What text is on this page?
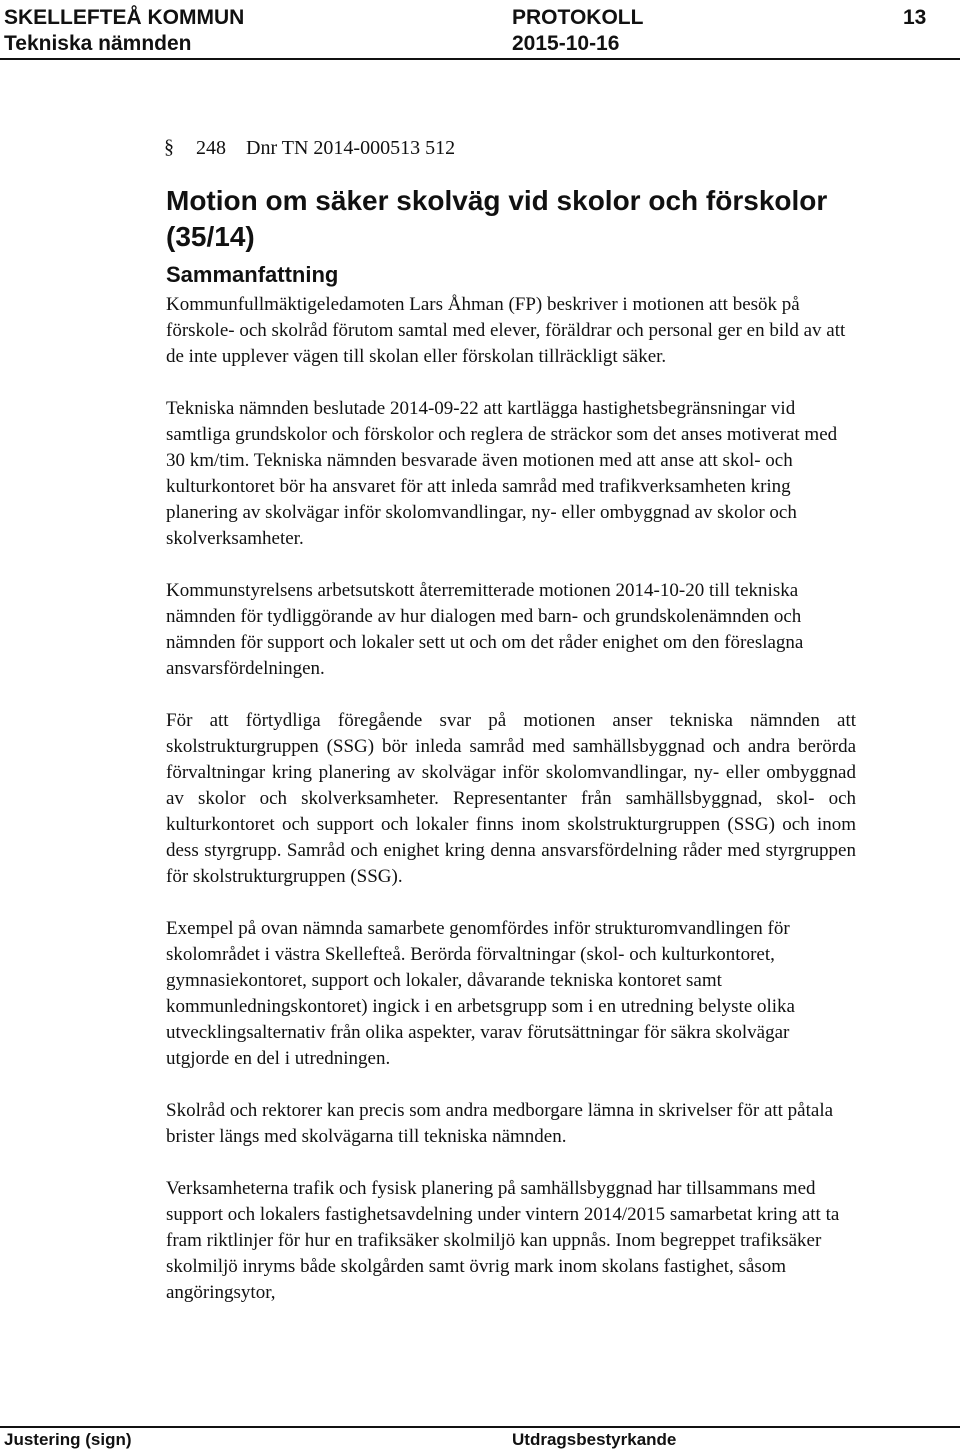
SKELLEFTEÅ KOMMUN	PROTOKOLL	13
Tekniska nämnden	2015-10-16
§ 248 Dnr TN 2014-000513 512
Motion om säker skolväg vid skolor och förskolor (35/14)
Sammanfattning

Kommunfullmäktigeledamoten Lars Åhman (FP) beskriver i motionen att besök på förskole- och skolråd förutom samtal med elever, föräldrar och personal ger en bild av att de inte upplever vägen till skolan eller förskolan tillräckligt säker.

Tekniska nämnden beslutade 2014-09-22 att kartlägga hastighetsbegränsningar vid samtliga grundskolor och förskolor och reglera de sträckor som det anses motiverat med 30 km/tim. Tekniska nämnden besvarade även motionen med att anse att skol- och kulturkontoret bör ha ansvaret för att inleda samråd med trafikverksamheten kring planering av skolvägar inför skolomvandlingar, ny- eller ombyggnad av skolor och skolverksamheter.

Kommunstyrelsens arbetsutskott återremitterade motionen 2014-10-20 till tekniska nämnden för tydliggörande av hur dialogen med barn- och grundskolenämnden och nämnden för support och lokaler sett ut och om det råder enighet om den föreslagna ansvarsfördelningen.

För att förtydliga föregående svar på motionen anser tekniska nämnden att skolstrukturgruppen (SSG) bör inleda samråd med samhällsbyggnad och andra berörda förvaltningar kring planering av skolvägar inför skolomvandlingar, ny- eller ombyggnad av skolor och skolverksamheter. Representanter från samhällsbyggnad, skol- och kulturkontoret och support och lokaler finns inom skolstrukturgruppen (SSG) och inom dess styrgrupp. Samråd och enighet kring denna ansvarsfördelning råder med styrgruppen för skolstrukturgruppen (SSG).

Exempel på ovan nämnda samarbete genomfördes inför strukturomvandlingen för skolområdet i västra Skellefteå. Berörda förvaltningar (skol- och kulturkontoret, gymnasiekontoret, support och lokaler, dåvarande tekniska kontoret samt kommunledningskontoret) ingick i en arbetsgrupp som i en utredning belyste olika utvecklingsalternativ från olika aspekter, varav förutsättningar för säkra skolvägar utgjorde en del i utredningen.

Skolråd och rektorer kan precis som andra medborgare lämna in skrivelser för att påtala brister längs med skolvägarna till tekniska nämnden.

Verksamheterna trafik och fysisk planering på samhällsbyggnad har tillsammans med support och lokalers fastighetsavdelning under vintern 2014/2015 samarbetat kring att ta fram riktlinjer för hur en trafiksäker skolmiljö kan uppnås. Inom begreppet trafiksäker skolmiljö inryms både skolgården samt övrig mark inom skolans fastighet, såsom angöringsytor,

Justering (sign)	Utdragsbestyrkande
